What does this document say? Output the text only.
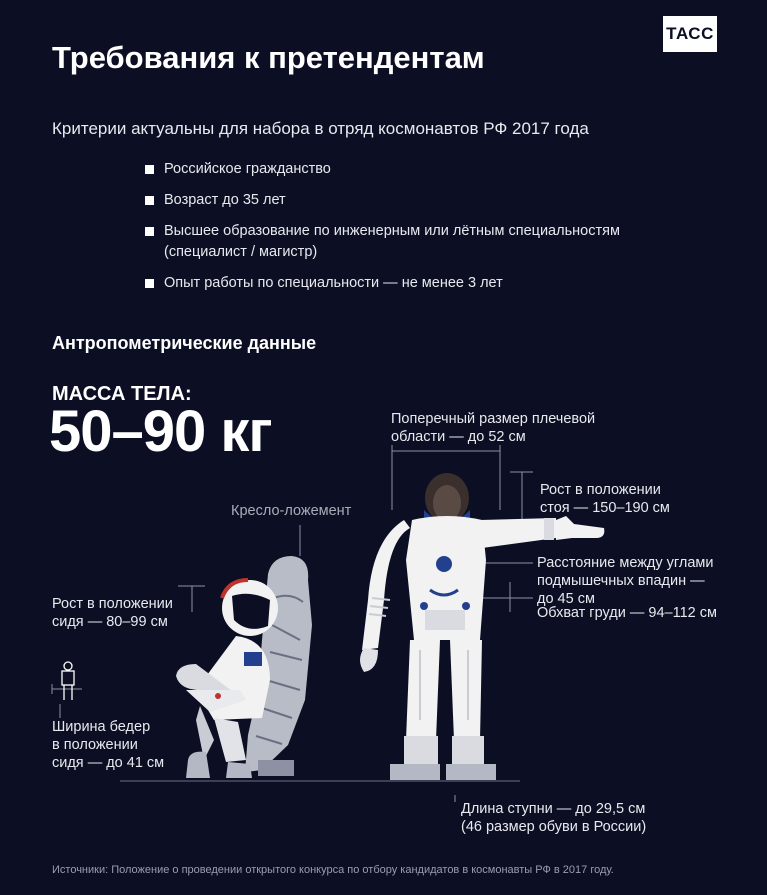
ТАСС
Требования к претендентам
Критерии актуальны для набора в отряд космонавтов РФ 2017 года
Российское гражданство
Возраст до 35 лет
Высшее образование по инженерным или лётным специальностям
(специалист / магистр)
Опыт работы по специальности — не менее 3 лет
Антропометрические данные
МАССА ТЕЛА:
50–90 кг	Поперечный размер плечевой
области — до 52 см
Рост в положении
стоя — 150–190 см
Кресло-ложемент
Расстояние между углами
подмышечных впадин —
до 45 см
Обхват груди — 94–112 см
Рост в положении
сидя — 80–99 см
Ширина бедер
в положении
сидя — до 41 см
Длина ступни — до 29,5 см
(46 размер обуви в России)
Источники: Положение о проведении открытого конкурса по отбору кандидатов в космонавты РФ в 2017 году.
